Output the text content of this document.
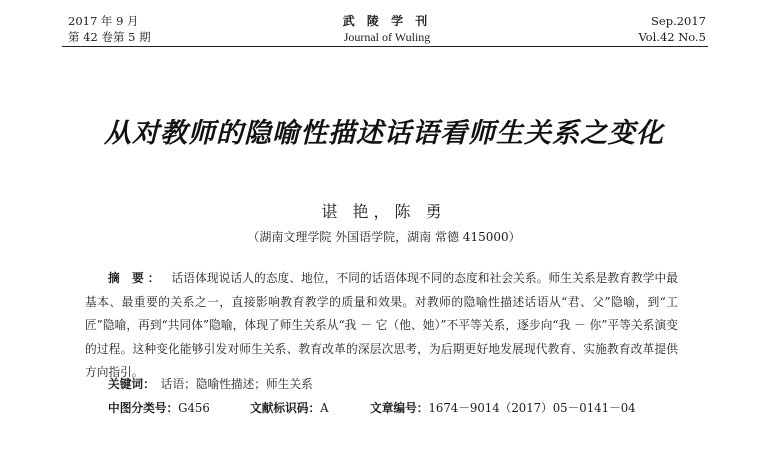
2017 年 9 月
第 42 卷第 5 期
武 陵 学 刊
Journal of Wuling
Sep.2017
Vol.42 No.5
从对教师的隐喻性描述话语看师生关系之变化
谌 艳，陈 勇
（湖南文理学院 外国语学院，湖南 常德 415000）
摘 要： 话语体现说话人的态度、地位，不同的话语体现不同的态度和社会关系。师生关系是教育教学中最基本、最重要的关系之一，直接影响教育教学的质量和效果。对教师的隐喻性描述话语从“君、父”隐喻，到“工匠”隐喻，再到“共同体”隐喻，体现了师生关系从“我 － 它（他、她）”不平等关系，逐步向“我 － 你”平等关系演变的过程。这种变化能够引发对师生关系、教育改革的深层次思考，为后期更好地发展现代教育、实施教育改革提供方向指引。
关键词： 话语；隐喻性描述；师生关系
中图分类号：G456	文献标识码：A	文章编号：1674－9014（2017）05－0141－04
